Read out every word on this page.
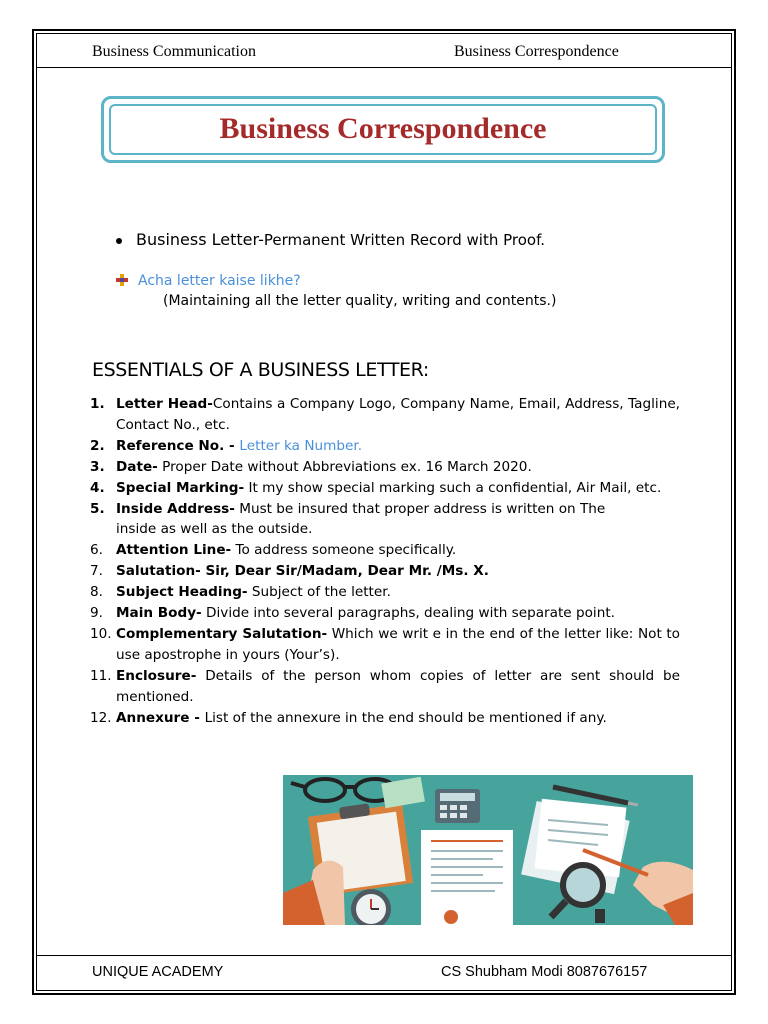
Business Communication	Business Correspondence
Business Correspondence
Business Letter-Permanent Written Record with Proof.
Acha letter kaise likhe?
(Maintaining all the letter quality, writing and contents.)
ESSENTIALS OF A BUSINESS LETTER:
1. Letter Head-Contains a Company Logo, Company Name, Email, Address, Tagline, Contact No., etc.
2. Reference No. - Letter ka Number.
3. Date- Proper Date without Abbreviations ex. 16 March 2020.
4. Special Marking- It my show special marking such a confidential, Air Mail, etc.
5. Inside Address- Must be insured that proper address is written on The inside as well as the outside.
6. Attention Line- To address someone specifically.
7. Salutation- Sir, Dear Sir/Madam, Dear Mr. /Ms. X.
8. Subject Heading- Subject of the letter.
9. Main Body- Divide into several paragraphs, dealing with separate point.
10. Complementary Salutation- Which we writ e in the end of the letter like: Not to use apostrophe in yours (Your’s).
11. Enclosure- Details of the person whom copies of letter are sent should be mentioned.
12. Annexure - List of the annexure in the end should be mentioned if any.
UNIQUE ACADEMY	CS Shubham Modi 8087676157
